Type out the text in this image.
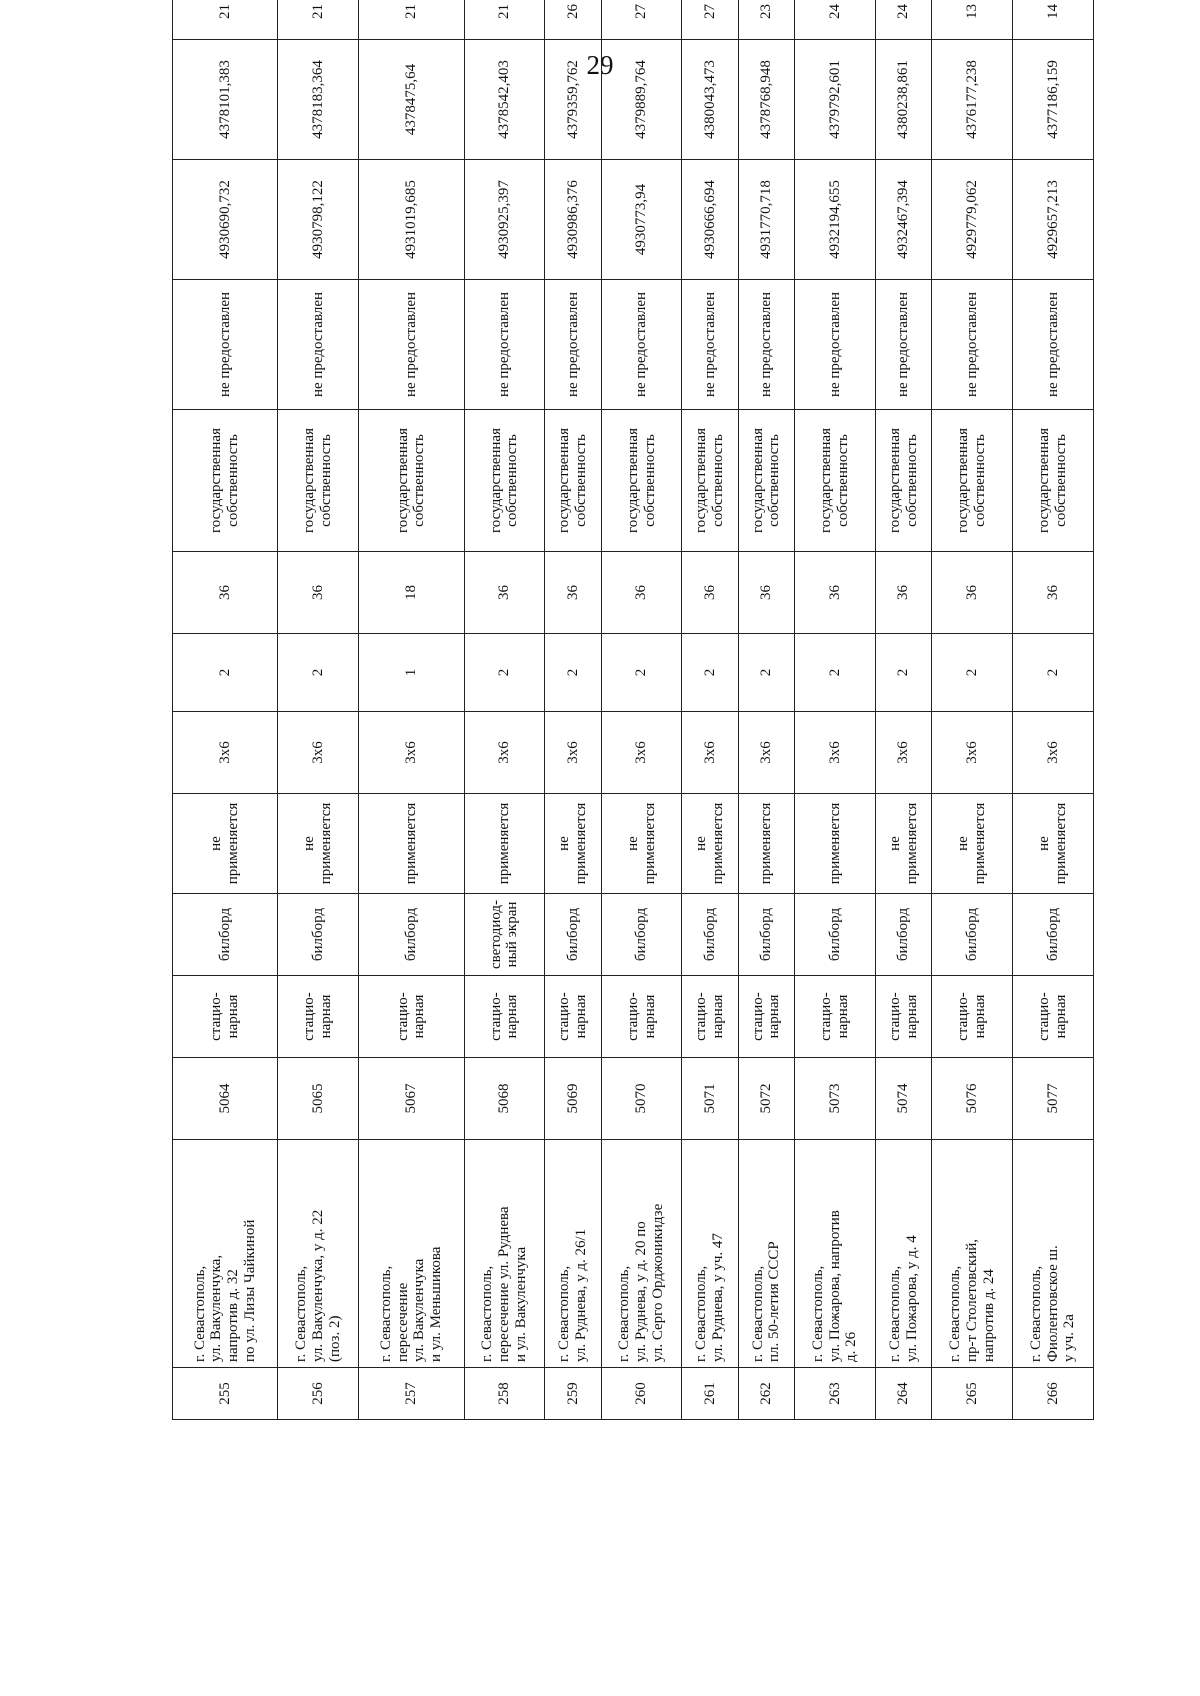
29
255	г. Севастополь,
ул. Вакуленчука,
напротив д. 32
по ул. Лизы Чайкиной	5064	стацио-
нарная	билборд	не
применяется	3x6	2	36	государственная
собственность	не предоставлен	4930690,732	4378101,383	21
256	г. Севастополь,
ул. Вакуленчука, у д. 22
(поз. 2)	5065	стацио-
нарная	билборд	не
применяется	3x6	2	36	государственная
собственность	не предоставлен	4930798,122	4378183,364	21
257	г. Севастополь,
пересечение
ул. Вакуленчука
и ул. Меньшикова	5067	стацио-
нарная	билборд	применяется	3x6	1	18	государственная
собственность	не предоставлен	4931019,685	4378475,64	21
258	г. Севастополь,
пересечение ул. Руднева
и ул. Вакуленчука	5068	стацио-
нарная	светодиод-
ный экран	применяется	3x6	2	36	государственная
собственность	не предоставлен	4930925,397	4378542,403	21
259	г. Севастополь,
ул. Руднева, у д. 26/1	5069	стацио-
нарная	билборд	не
применяется	3x6	2	36	государственная
собственность	не предоставлен	4930986,376	4379359,762	26
260	г. Севастополь,
ул. Руднева, у д. 20 по
ул. Серго Орджоникидзе	5070	стацио-
нарная	билборд	не
применяется	3x6	2	36	государственная
собственность	не предоставлен	4930773,94	4379889,764	27
261	г. Севастополь,
ул. Руднева, у уч. 47	5071	стацио-
нарная	билборд	не
применяется	3x6	2	36	государственная
собственность	не предоставлен	4930666,694	4380043,473	27
262	г. Севастополь,
пл. 50-летия СССР	5072	стацио-
нарная	билборд	применяется	3x6	2	36	государственная
собственность	не предоставлен	4931770,718	4378768,948	23
263	г. Севастополь,
ул. Пожарова, напротив
д. 26	5073	стацио-
нарная	билборд	применяется	3x6	2	36	государственная
собственность	не предоставлен	4932194,655	4379792,601	24
264	г. Севастополь,
ул. Пожарова, у д. 4	5074	стацио-
нарная	билборд	не
применяется	3x6	2	36	государственная
собственность	не предоставлен	4932467,394	4380238,861	24
265	г. Севастополь,
пр-т Столетовский,
напротив д. 24	5076	стацио-
нарная	билборд	не
применяется	3x6	2	36	государственная
собственность	не предоставлен	4929779,062	4376177,238	13
266	г. Севастополь,
Фиолентовское ш.
у уч. 2а	5077	стацио-
нарная	билборд	не
применяется	3x6	2	36	государственная
собственность	не предоставлен	4929657,213	4377186,159	14
